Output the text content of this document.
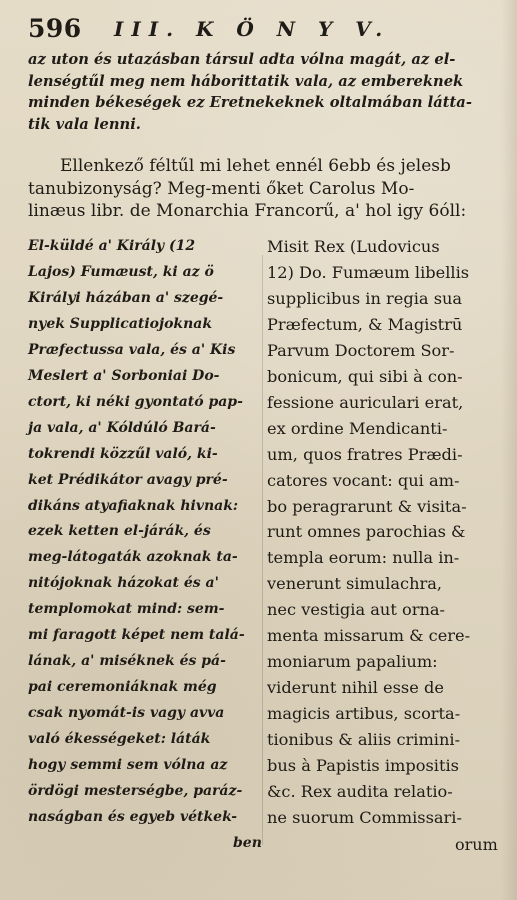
596 III. K Ö N Y V.
az uton és utazásban társul adta vólna magát, az el-
lenségtűl meg nem háborittatik vala, az embereknek
minden békeségek ez Eretnekeknek oltalmában látta-
tik vala lenni.
Ellenkező féltűl mi lehet ennél 6ebb és jelesb
tanubizonyság? Meg-menti őket Carolus Mo-
linæus libr. de Monarchia Francorű, a' hol igy 6óll:
El-küldé a' Király (12
Lajos) Fumæust, ki az ö
Királyi házában a' szegé-
nyek Supplicatiojoknak
Præfectussa vala, és a' Kis
Meslert a' Sorboniai Do-
ctort, ki néki gyontató pap-
ja vala, a' Kóldúló Bará-
tokrendi közzűl való, ki-
ket Prédikátor avagy pré-
dikáns atyafiaknak hivnak:
ezek ketten el-járák, és
meg-látogaták azoknak ta-
nitójoknak házokat és a'
templomokat mind: sem-
mi faragott képet nem talá-
lának, a' miséknek és pá-
pai ceremoniáknak még
csak nyomát-is vagy avva
való ékességeket: láták
hogy semmi sem vólna az
ördögi mesterségbe, paráz-
naságban és egyeb vétkek-
Misit Rex (Ludovicus
12) Do. Fumæum libellis
supplicibus in regia sua
Præfectum, & Magistrū
Parvum Doctorem Sor-
bonicum, qui sibi à con-
fessione auriculari erat,
ex ordine Mendicanti-
um, quos fratres Prædi-
catores vocant: qui am-
bo peragrarunt & visita-
runt omnes parochias &
templa eorum: nulla in-
venerunt simulachra,
nec vestigia aut orna-
menta missarum & cere-
moniarum papalium:
viderunt nihil esse de
magicis artibus, scorta-
tionibus & aliis crimini-
bus à Papistis impositis
&c. Rex audita relatio-
ne suorum Commissari-
ben	orum
